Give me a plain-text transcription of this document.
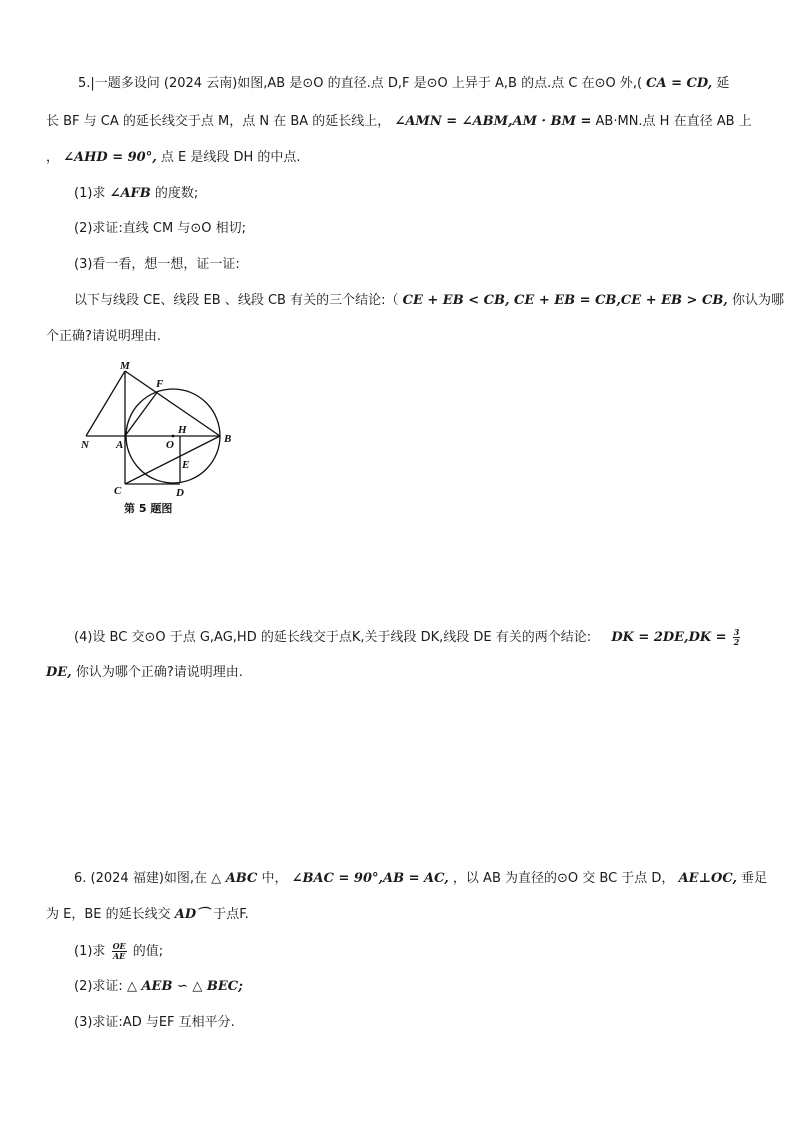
5.|一题多设问 (2024 云南)如图,AB 是⊙O 的直径.点 D,F 是⊙O 上异于 A,B 的点.点 C 在⊙O 外,( CA = CD, 延
长 BF 与 CA 的延长线交于点 M，点 N 在 BA 的延长线上， ∠AMN = ∠ABM,AM · BM = AB·MN.点 H 在直径 AB 上
， ∠AHD = 90°, 点 E 是线段 DH 的中点.
(1)求 ∠AFB 的度数;
(2)求证:直线 CM 与⊙O 相切;
(3)看一看，想一想，证一证:
以下与线段 CE、线段 EB 、线段 CB 有关的三个结论:（ CE + EB < CB, CE + EB = CB,CE + EB > CB, 你认为哪
个正确?请说明理由.
M
F
N A	O
H
B
E
C	D
第 5 题图
(4)设 BC 交⊙O 于点 G,AG,HD 的延长线交于点K,关于线段 DK,线段 DE 有关的两个结论: DK = $2DE,DK = \frac{3}{2}$
DE, 你认为哪个正确?请说明理由.
6. (2024 福建)如图,在 △ ABC 中， ∠BAC = 90°,AB = AC, ，以 AB 为直径的⊙O 交 BC 于点 D， AE⊥OC, 垂足
为 E，BE 的延长线交 AD⌒ 于点F.
(1)求 $\frac{OE}{AE}$ 的值;
(2)求证: △ AEB ∽ △ BEC;
(3)求证:AD 与EF 互相平分.
